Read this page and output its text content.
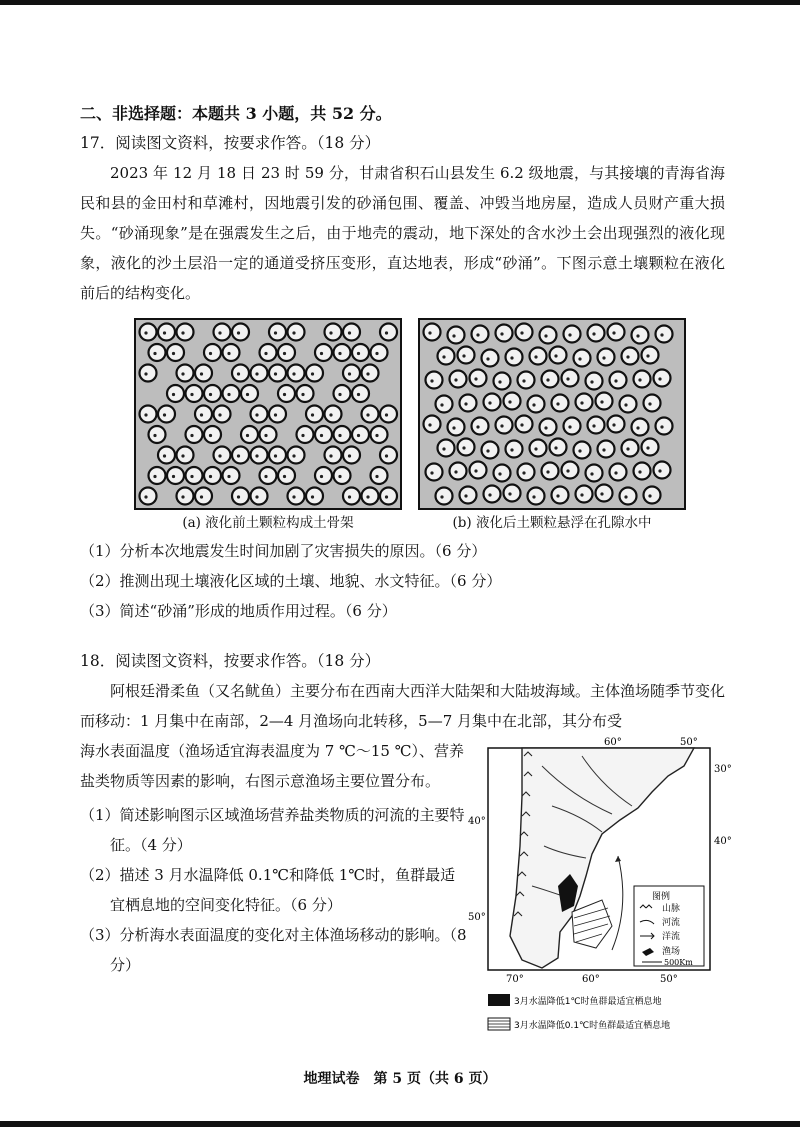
二、非选择题：本题共 3 小题，共 52 分。

17．阅读图文资料，按要求作答。（18 分）

2023 年 12 月 18 日 23 时 59 分，甘肃省积石山县发生 6.2 级地震，与其接壤的青海省海民和县的金田村和草滩村，因地震引发的砂涌包围、覆盖、冲毁当地房屋，造成人员财产重大损失。“砂涌现象”是在强震发生之后，由于地壳的震动，地下深处的含水沙土会出现强烈的液化现象，液化的沙土层沿一定的通道受挤压变形，直达地表，形成“砂涌”。下图示意土壤颗粒在液化前后的结构变化。

(a) 液化前土颗粒构成土骨架	(b) 液化后土颗粒悬浮在孔隙水中

（1）分析本次地震发生时间加剧了灾害损失的原因。（6 分）

（2）推测出现土壤液化区域的土壤、地貌、水文特征。（6 分）

（3）简述“砂涌”形成的地质作用过程。（6 分）

18．阅读图文资料，按要求作答。（18 分）

阿根廷滑柔鱼（又名鱿鱼）主要分布在西南大西洋大陆架和大陆坡海域。主体渔场随季节变化而移动：1 月集中在南部，2—4 月渔场向北转移，5—7 月集中在北部，其分布受

海水表面温度（渔场适宜海表温度为 7 ℃～15 ℃）、营养盐类物质等因素的影响，右图示意渔场主要位置分布。

（1）简述影响图示区域渔场营养盐类物质的河流的主要特征。（4 分）

（2）描述 3 月水温降低 0.1℃和降低 1℃时，鱼群最适宜栖息地的空间变化特征。（6 分）

（3）分析海水表面温度的变化对主体渔场移动的影响。（8 分）

60°	50°
30°
40°
40°
50°
70°	60°	50°
图例
山脉
河流
洋流
渔场
500Km
3月水温降低1℃时鱼群最适宜栖息地
3月水温降低0.1℃时鱼群最适宜栖息地
地理试卷　第 5 页（共 6 页）
